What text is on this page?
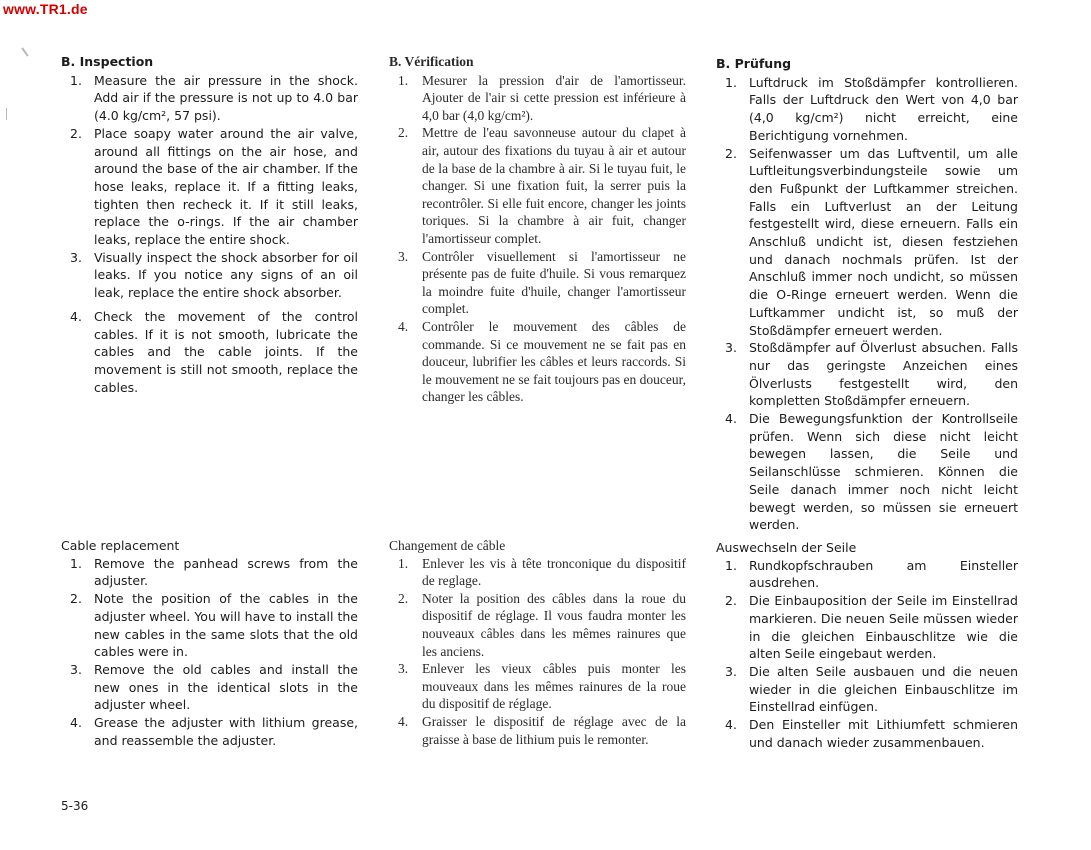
www.TR1.de
B. Inspection
1. Measure the air pressure in the shock. Add air if the pressure is not up to 4.0 bar (4.0 kg/cm², 57 psi).
2. Place soapy water around the air valve, around all fittings on the air hose, and around the base of the air chamber. If the hose leaks, replace it. If a fitting leaks, tighten then recheck it. If it still leaks, replace the o-rings. If the air chamber leaks, replace the entire shock.
3. Visually inspect the shock absorber for oil leaks. If you notice any signs of an oil leak, replace the entire shock absorber.
4. Check the movement of the control cables. If it is not smooth, lubricate the cables and the cable joints. If the movement is still not smooth, replace the cables.
Cable replacement
1. Remove the panhead screws from the adjuster.
2. Note the position of the cables in the adjuster wheel. You will have to install the new cables in the same slots that the old cables were in.
3. Remove the old cables and install the new ones in the identical slots in the adjuster wheel.
4. Grease the adjuster with lithium grease, and reassemble the adjuster.
B. Vérification
1. Mesurer la pression d'air de l'amortisseur. Ajouter de l'air si cette pression est inférieure à 4,0 bar (4,0 kg/cm²).
2. Mettre de l'eau savonneuse autour du clapet à air, autour des fixations du tuyau à air et autour de la base de la chambre à air. Si le tuyau fuit, le changer. Si une fixation fuit, la serrer puis la recontrôler. Si elle fuit encore, changer les joints toriques. Si la chambre à air fuit, changer l'amortisseur complet.
3. Contrôler visuellement si l'amortisseur ne présente pas de fuite d'huile. Si vous remarquez la moindre fuite d'huile, changer l'amortisseur complet.
4. Contrôler le mouvement des câbles de commande. Si ce mouvement ne se fait pas en douceur, lubrifier les câbles et leurs raccords. Si le mouvement ne se fait toujours pas en douceur, changer les câbles.
Changement de câble
1. Enlever les vis à tête tronconique du dispositif de reglage.
2. Noter la position des câbles dans la roue du dispositif de réglage. Il vous faudra monter les nouveaux câbles dans les mêmes rainures que les anciens.
3. Enlever les vieux câbles puis monter les mouveaux dans les mêmes rainures de la roue du dispositif de réglage.
4. Graisser le dispositif de réglage avec de la graisse à base de lithium puis le remonter.
B. Prüfung
1. Luftdruck im Stoßdämpfer kontrollieren. Falls der Luftdruck den Wert von 4,0 bar (4,0 kg/cm²) nicht erreicht, eine Berichtigung vornehmen.
2. Seifenwasser um das Luftventil, um alle Luftleitungsverbindungsteile sowie um den Fußpunkt der Luftkammer streichen. Falls ein Luftverlust an der Leitung festgestellt wird, diese erneuern. Falls ein Anschluß undicht ist, diesen festziehen und danach nochmals prüfen. Ist der Anschluß immer noch undicht, so müssen die O-Ringe erneuert werden. Wenn die Luftkammer undicht ist, so muß der Stoßdämpfer erneuert werden.
3. Stoßdämpfer auf Ölverlust absuchen. Falls nur das geringste Anzeichen eines Ölverlusts festgestellt wird, den kompletten Stoßdämpfer erneuern.
4. Die Bewegungsfunktion der Kontrollseile prüfen. Wenn sich diese nicht leicht bewegen lassen, die Seile und Seilanschlüsse schmieren. Können die Seile danach immer noch nicht leicht bewegt werden, so müssen sie erneuert werden.
Auswechseln der Seile
1. Rundkopfschrauben am Einsteller ausdrehen.
2. Die Einbauposition der Seile im Einstellrad markieren. Die neuen Seile müssen wieder in die gleichen Einbauschlitze wie die alten Seile eingebaut werden.
3. Die alten Seile ausbauen und die neuen wieder in die gleichen Einbauschlitze im Einstellrad einfügen.
4. Den Einsteller mit Lithiumfett schmieren und danach wieder zusammenbauen.
5-36
